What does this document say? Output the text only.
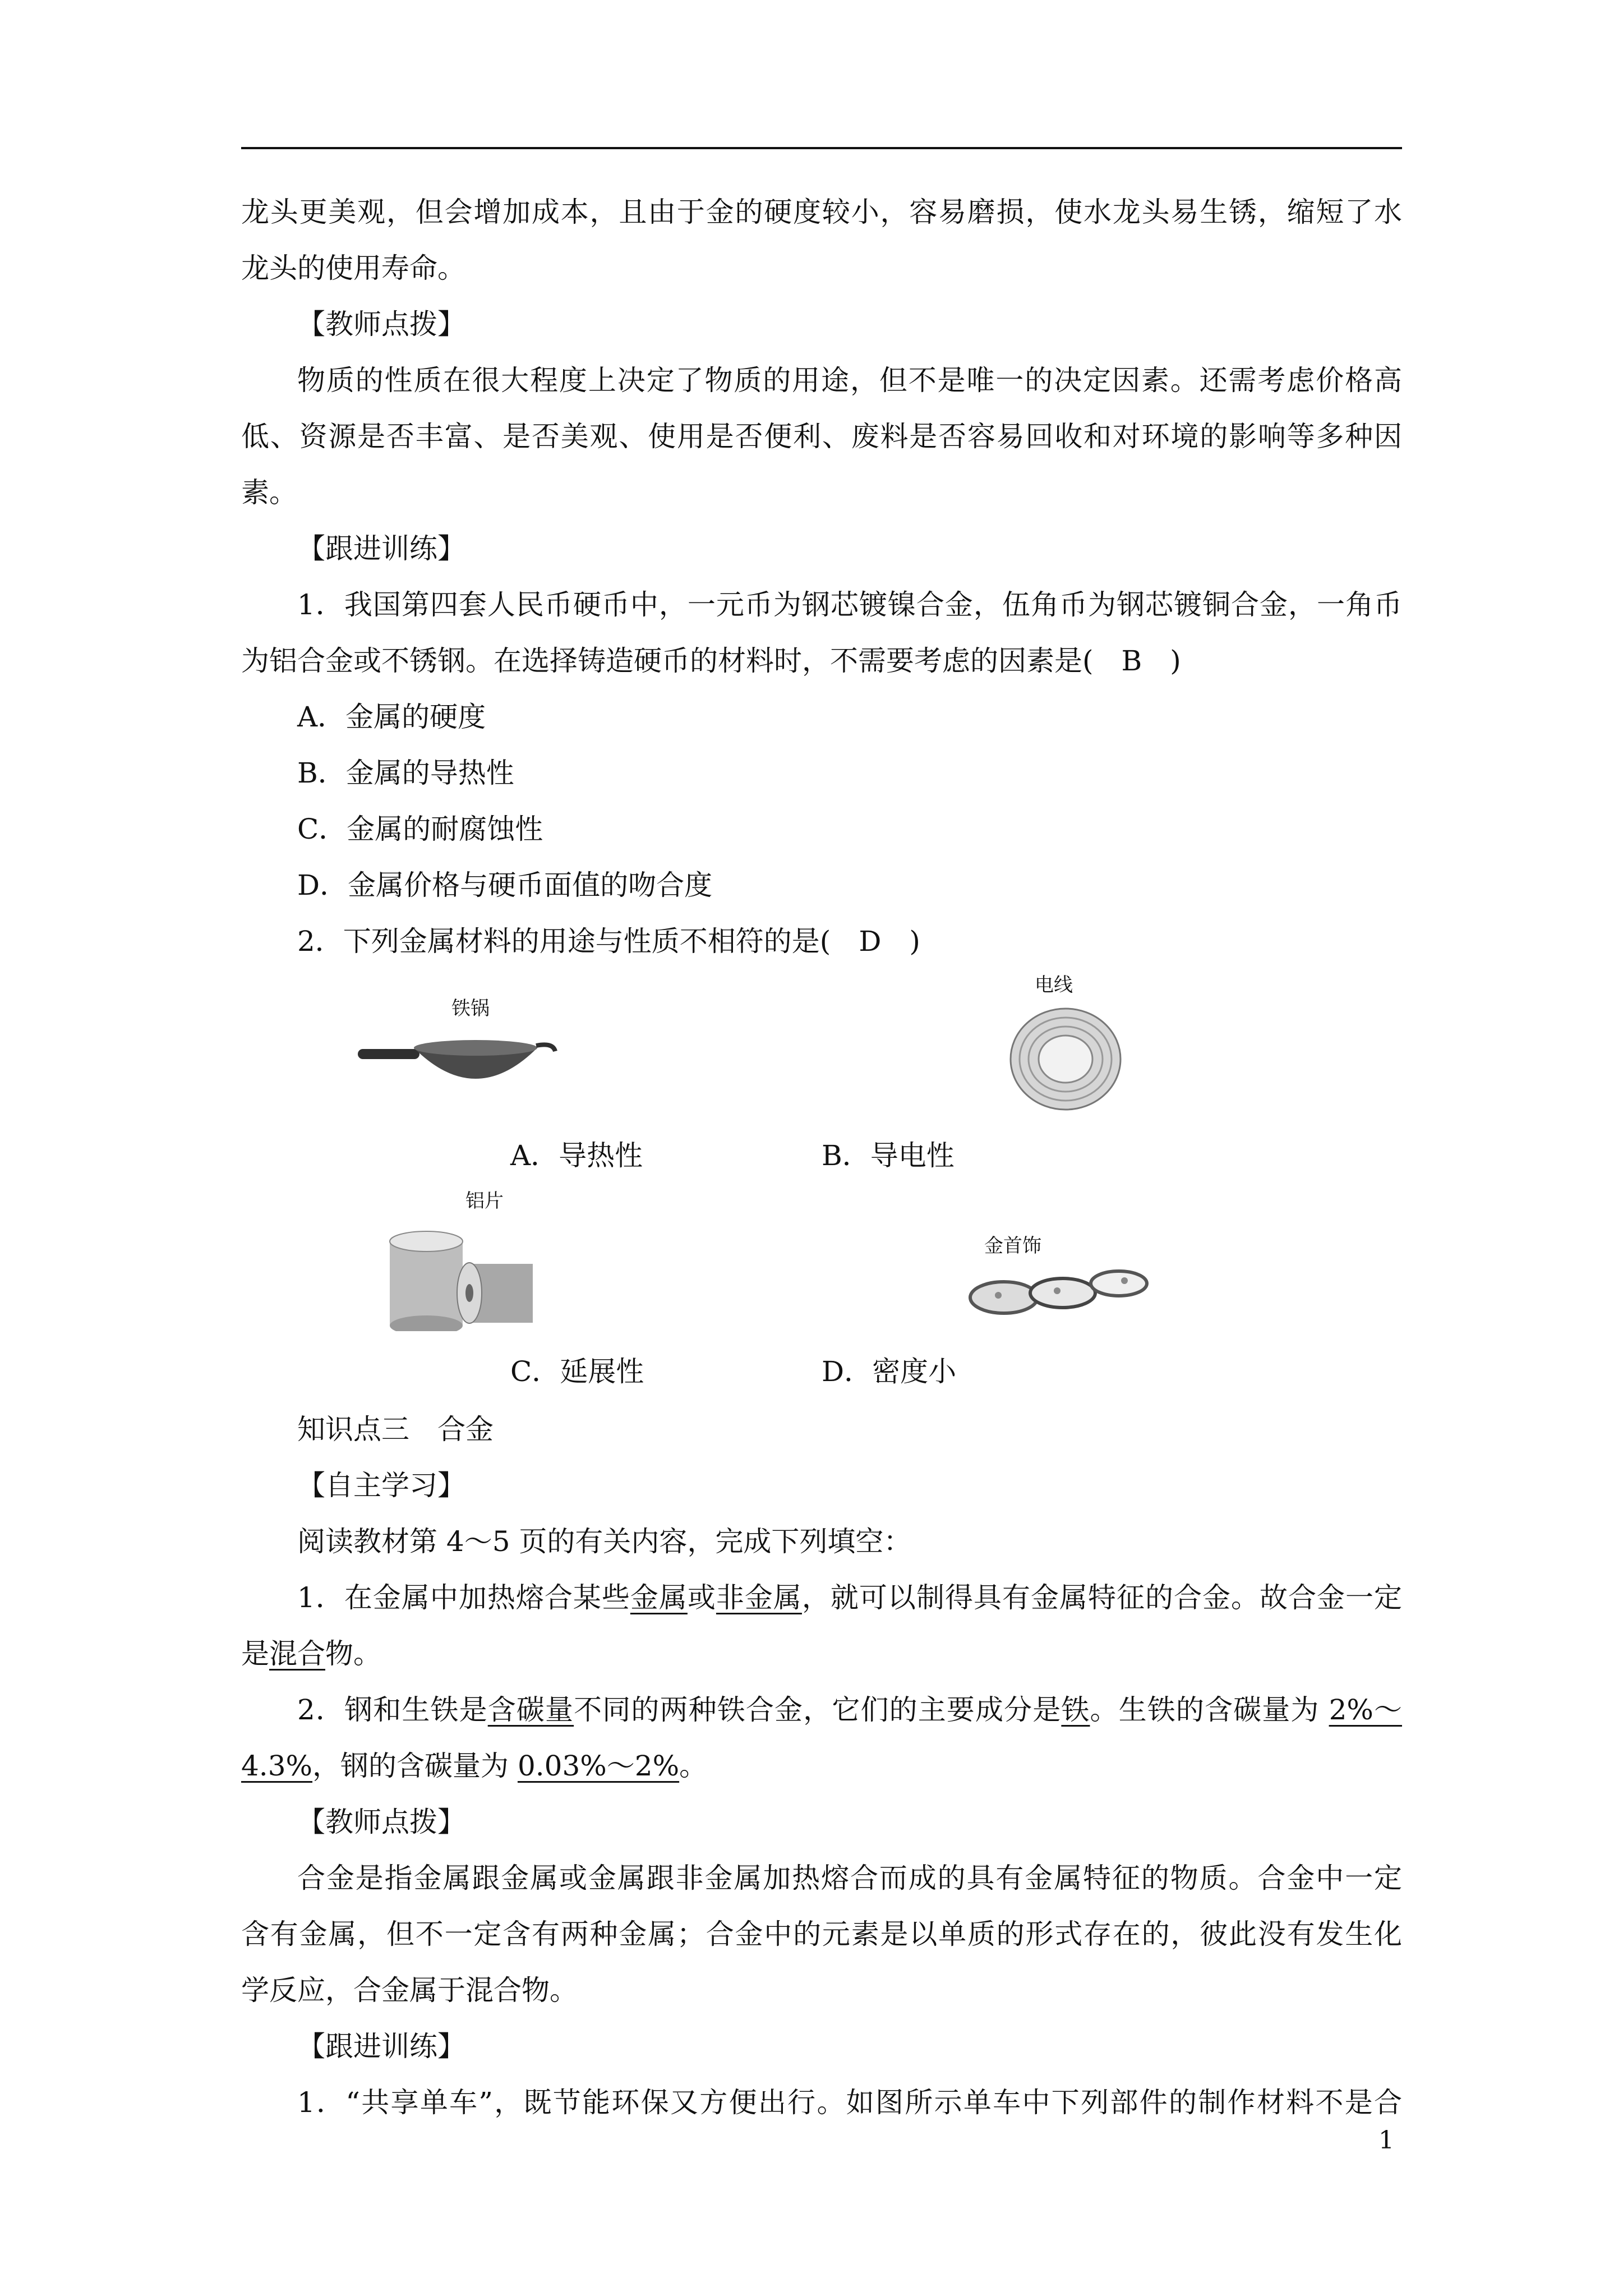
龙头更美观，但会增加成本，且由于金的硬度较小，容易磨损，使水龙头易生锈，缩短了水
龙头的使用寿命。
【教师点拨】
物质的性质在很大程度上决定了物质的用途，但不是唯一的决定因素。还需考虑价格高
低、资源是否丰富、是否美观、使用是否便利、废料是否容易回收和对环境的影响等多种因
素。
【跟进训练】
1．我国第四套人民币硬币中，一元币为钢芯镀镍合金，伍角币为钢芯镀铜合金，一角币
为铝合金或不锈钢。在选择铸造硬币的材料时，不需要考虑的因素是(　B　)
A．金属的硬度
B．金属的导热性
C．金属的耐腐蚀性
D．金属价格与硬币面值的吻合度
2．下列金属材料的用途与性质不相符的是(　D　)
铁锅
A．导热性
电线
B．导电性
铝片
C．延展性
金首饰
D．密度小
知识点三　合金
【自主学习】
阅读教材第 4～5 页的有关内容，完成下列填空：
1．在金属中加热熔合某些金属或非金属，就可以制得具有金属特征的合金。故合金一定
是混合物。
2．钢和生铁是含碳量不同的两种铁合金，它们的主要成分是铁。生铁的含碳量为 2%～
4.3%，钢的含碳量为 0.03%～2%。
【教师点拨】
合金是指金属跟金属或金属跟非金属加热熔合而成的具有金属特征的物质。合金中一定
含有金属，但不一定含有两种金属；合金中的元素是以单质的形式存在的，彼此没有发生化
学反应，合金属于混合物。
【跟进训练】
1．“共享单车”，既节能环保又方便出行。如图所示单车中下列部件的制作材料不是合
1
